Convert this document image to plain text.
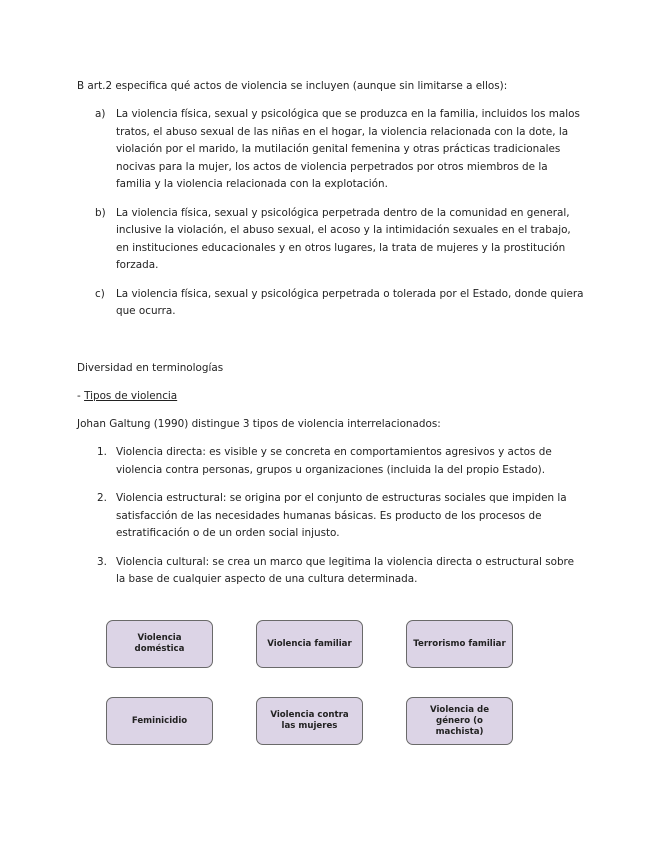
B art.2 especifica qué actos de violencia se incluyen (aunque sin limitarse a ellos):
a) La violencia física, sexual y psicológica que se produzca en la familia, incluidos los malos tratos, el abuso sexual de las niñas en el hogar, la violencia relacionada con la dote, la violación por el marido, la mutilación genital femenina y otras prácticas tradicionales nocivas para la mujer, los actos de violencia perpetrados por otros miembros de la familia y la violencia relacionada con la explotación.
b) La violencia física, sexual y psicológica perpetrada dentro de la comunidad en general, inclusive la violación, el abuso sexual, el acoso y la intimidación sexuales en el trabajo, en instituciones educacionales y en otros lugares, la trata de mujeres y la prostitución forzada.
c) La violencia física, sexual y psicológica perpetrada o tolerada por el Estado, donde quiera que ocurra.
Diversidad en terminologías
- Tipos de violencia
Johan Galtung (1990) distingue 3 tipos de violencia interrelacionados:
1. Violencia directa: es visible y se concreta en comportamientos agresivos y actos de violencia contra personas, grupos u organizaciones (incluida la del propio Estado).
2. Violencia estructural: se origina por el conjunto de estructuras sociales que impiden la satisfacción de las necesidades humanas básicas. Es producto de los procesos de estratificación o de un orden social injusto.
3. Violencia cultural: se crea un marco que legitima la violencia directa o estructural sobre la base de cualquier aspecto de una cultura determinada.
Violencia doméstica
Violencia familiar	Terrorismo familiar
Feminicidio
Violencia contra las mujeres
Violencia de género (o machista)
